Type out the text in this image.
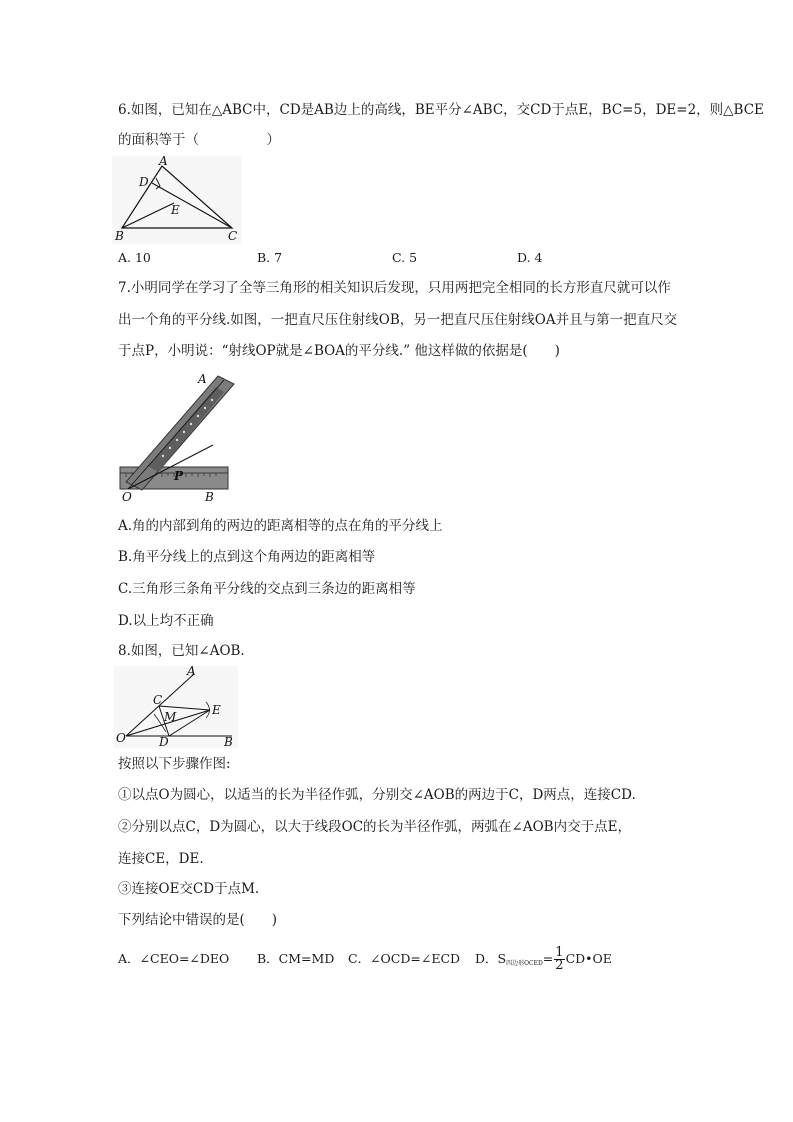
6.如图，已知在△ABC中，CD是AB边上的高线，BE平分∠ABC，交CD于点E，BC=5，DE=2，则△BCE
的面积等于（　　　　　）
A
D
E
B	C
A. 10	B. 7	C. 5	D. 4
7.小明同学在学习了全等三角形的相关知识后发现，只用两把完全相同的长方形直尺就可以作
出一个角的平分线.如图，一把直尺压住射线OB，另一把直尺压住射线OA并且与第一把直尺交
于点P，小明说：“射线OP就是∠BOA的平分线.” 他这样做的依据是(　　)
A
P
O	B
A.角的内部到角的两边的距离相等的点在角的平分线上
B.角平分线上的点到这个角两边的距离相等
C.三角形三条角平分线的交点到三条边的距离相等
D.以上均不正确
8.如图，已知∠AOB.
A
C
M	E
O	D	B
按照以下步骤作图:
①以点O为圆心，以适当的长为半径作弧，分别交∠AOB的两边于C，D两点，连接CD.
②分别以点C，D为圆心，以大于线段OC的长为半径作弧，两弧在∠AOB内交于点E，
连接CE，DE.
③连接OE交CD于点M.
下列结论中错误的是(　　)
A．∠CEO=∠DEO B．CM=MD C．∠OCD=∠ECD D．$S_{四边形OCED}= \frac{1}{2}$ CD•OE
